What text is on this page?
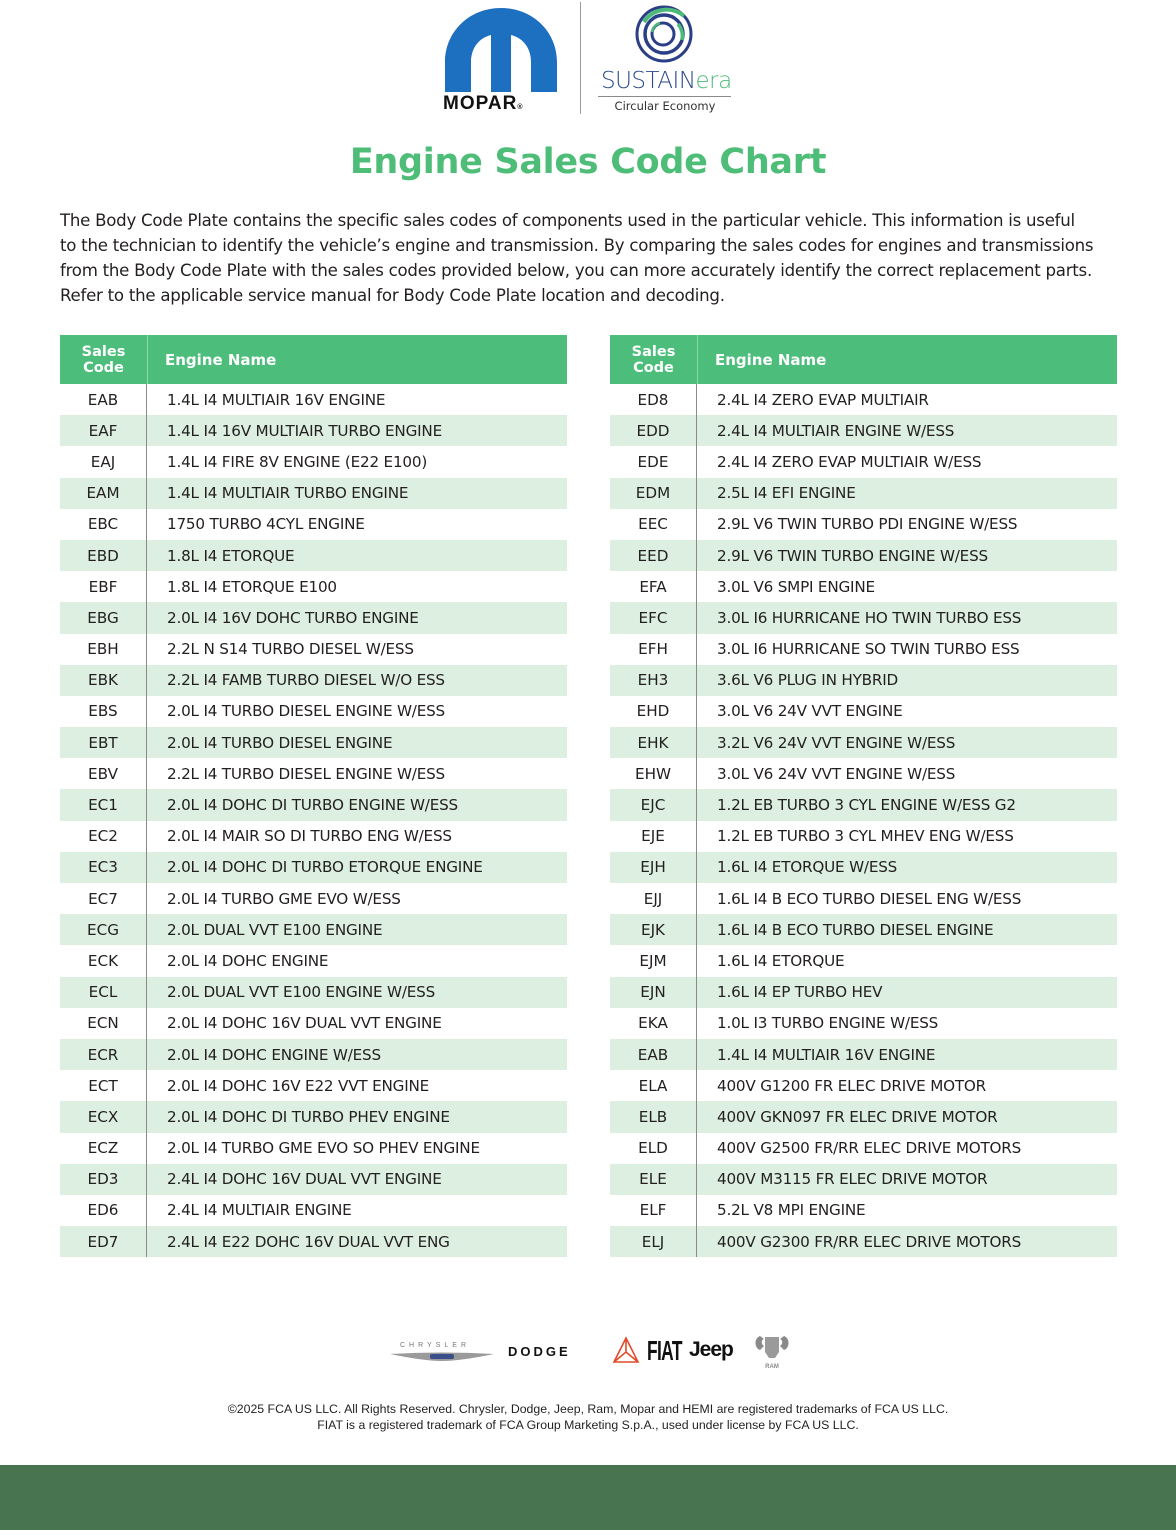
MOPAR®
SUSTAINera
Circular Economy
Engine Sales Code Chart

The Body Code Plate contains the specific sales codes of components used in the particular vehicle. This information is useful

to the technician to identify the vehicle’s engine and transmission. By comparing the sales codes for engines and transmissions

from the Body Code Plate with the sales codes provided below, you can more accurately identify the correct replacement parts.

Refer to the applicable service manual for Body Code Plate location and decoding.

Sales
Code	Engine Name
EAB	1.4L I4 MULTIAIR 16V ENGINE
EAF	1.4L I4 16V MULTIAIR TURBO ENGINE
EAJ	1.4L I4 FIRE 8V ENGINE (E22 E100)
EAM	1.4L I4 MULTIAIR TURBO ENGINE
EBC	1750 TURBO 4CYL ENGINE
EBD	1.8L I4 ETORQUE
EBF	1.8L I4 ETORQUE E100
EBG	2.0L I4 16V DOHC TURBO ENGINE
EBH	2.2L N S14 TURBO DIESEL W/ESS
EBK	2.2L I4 FAMB TURBO DIESEL W/O ESS
EBS	2.0L I4 TURBO DIESEL ENGINE W/ESS
EBT	2.0L I4 TURBO DIESEL ENGINE
EBV	2.2L I4 TURBO DIESEL ENGINE W/ESS
EC1	2.0L I4 DOHC DI TURBO ENGINE W/ESS
EC2	2.0L I4 MAIR SO DI TURBO ENG W/ESS
EC3	2.0L I4 DOHC DI TURBO ETORQUE ENGINE
EC7	2.0L I4 TURBO GME EVO W/ESS
ECG	2.0L DUAL VVT E100 ENGINE
ECK	2.0L I4 DOHC ENGINE
ECL	2.0L DUAL VVT E100 ENGINE W/ESS
ECN	2.0L I4 DOHC 16V DUAL VVT ENGINE
ECR	2.0L I4 DOHC ENGINE W/ESS
ECT	2.0L I4 DOHC 16V E22 VVT ENGINE
ECX	2.0L I4 DOHC DI TURBO PHEV ENGINE
ECZ	2.0L I4 TURBO GME EVO SO PHEV ENGINE
ED3	2.4L I4 DOHC 16V DUAL VVT ENGINE
ED6	2.4L I4 MULTIAIR ENGINE
ED7	2.4L I4 E22 DOHC 16V DUAL VVT ENG
Sales
Code	Engine Name
ED8	2.4L I4 ZERO EVAP MULTIAIR
EDD	2.4L I4 MULTIAIR ENGINE W/ESS
EDE	2.4L I4 ZERO EVAP MULTIAIR W/ESS
EDM	2.5L I4 EFI ENGINE
EEC	2.9L V6 TWIN TURBO PDI ENGINE W/ESS
EED	2.9L V6 TWIN TURBO ENGINE W/ESS
EFA	3.0L V6 SMPI ENGINE
EFC	3.0L I6 HURRICANE HO TWIN TURBO ESS
EFH	3.0L I6 HURRICANE SO TWIN TURBO ESS
EH3	3.6L V6 PLUG IN HYBRID
EHD	3.0L V6 24V VVT ENGINE
EHK	3.2L V6 24V VVT ENGINE W/ESS
EHW	3.0L V6 24V VVT ENGINE W/ESS
EJC	1.2L EB TURBO 3 CYL ENGINE W/ESS G2
EJE	1.2L EB TURBO 3 CYL MHEV ENG W/ESS
EJH	1.6L I4 ETORQUE W/ESS
EJJ	1.6L I4 B ECO TURBO DIESEL ENG W/ESS
EJK	1.6L I4 B ECO TURBO DIESEL ENGINE
EJM	1.6L I4 ETORQUE
EJN	1.6L I4 EP TURBO HEV
EKA	1.0L I3 TURBO ENGINE W/ESS
EAB	1.4L I4 MULTIAIR 16V ENGINE
ELA	400V G1200 FR ELEC DRIVE MOTOR
ELB	400V GKN097 FR ELEC DRIVE MOTOR
ELD	400V G2500 FR/RR ELEC DRIVE MOTORS
ELE	400V M3115 FR ELEC DRIVE MOTOR
ELF	5.2L V8 MPI ENGINE
ELJ	400V G2300 FR/RR ELEC DRIVE MOTORS
CHRYSLER	DODGE	FIAT Jeep
RAM

©2025 FCA US LLC. All Rights Reserved. Chrysler, Dodge, Jeep, Ram, Mopar and HEMI are registered trademarks of FCA US LLC.

FIAT is a registered trademark of FCA Group Marketing S.p.A., used under license by FCA US LLC.
